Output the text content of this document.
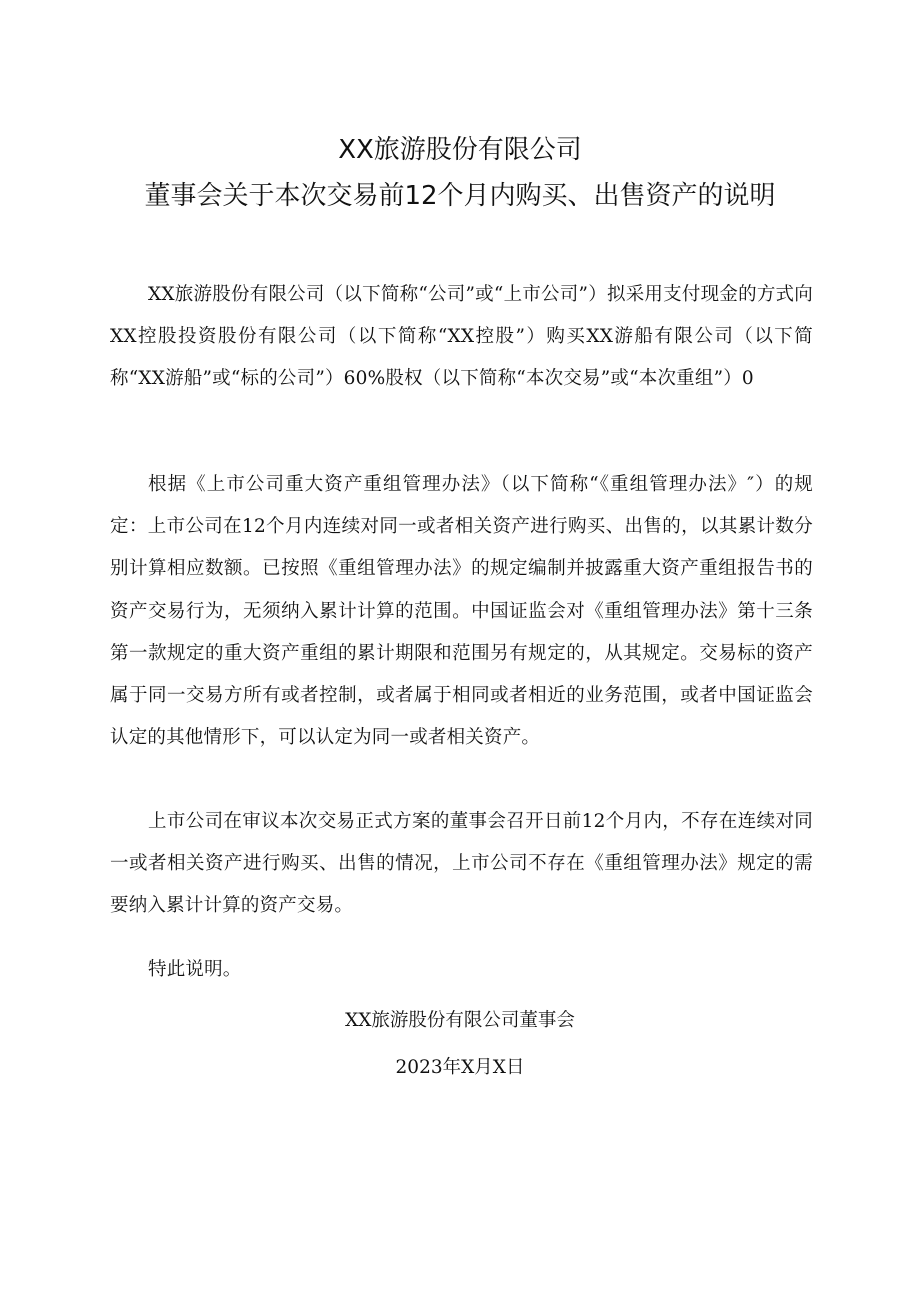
XX旅游股份有限公司
董事会关于本次交易前12个月内购买、出售资产的说明

XX旅游股份有限公司（以下简称“公司”或“上市公司”）拟采用支付现金的方式向XX控股投资股份有限公司（以下简称“XX控股”）购买XX游船有限公司（以下简称“XX游船”或“标的公司”）60%股权（以下简称“本次交易”或“本次重组”）0

根据《上市公司重大资产重组管理办法》（以下简称“《重组管理办法》″）的规定：上市公司在12个月内连续对同一或者相关资产进行购买、出售的，以其累计数分别计算相应数额。已按照《重组管理办法》的规定编制并披露重大资产重组报告书的资产交易行为，无须纳入累计计算的范围。中国证监会对《重组管理办法》第十三条第一款规定的重大资产重组的累计期限和范围另有规定的，从其规定。交易标的资产属于同一交易方所有或者控制，或者属于相同或者相近的业务范围，或者中国证监会认定的其他情形下，可以认定为同一或者相关资产。

上市公司在审议本次交易正式方案的董事会召开日前12个月内，不存在连续对同一或者相关资产进行购买、出售的情况，上市公司不存在《重组管理办法》规定的需要纳入累计计算的资产交易。

特此说明。

XX旅游股份有限公司董事会
2023年X月X日
